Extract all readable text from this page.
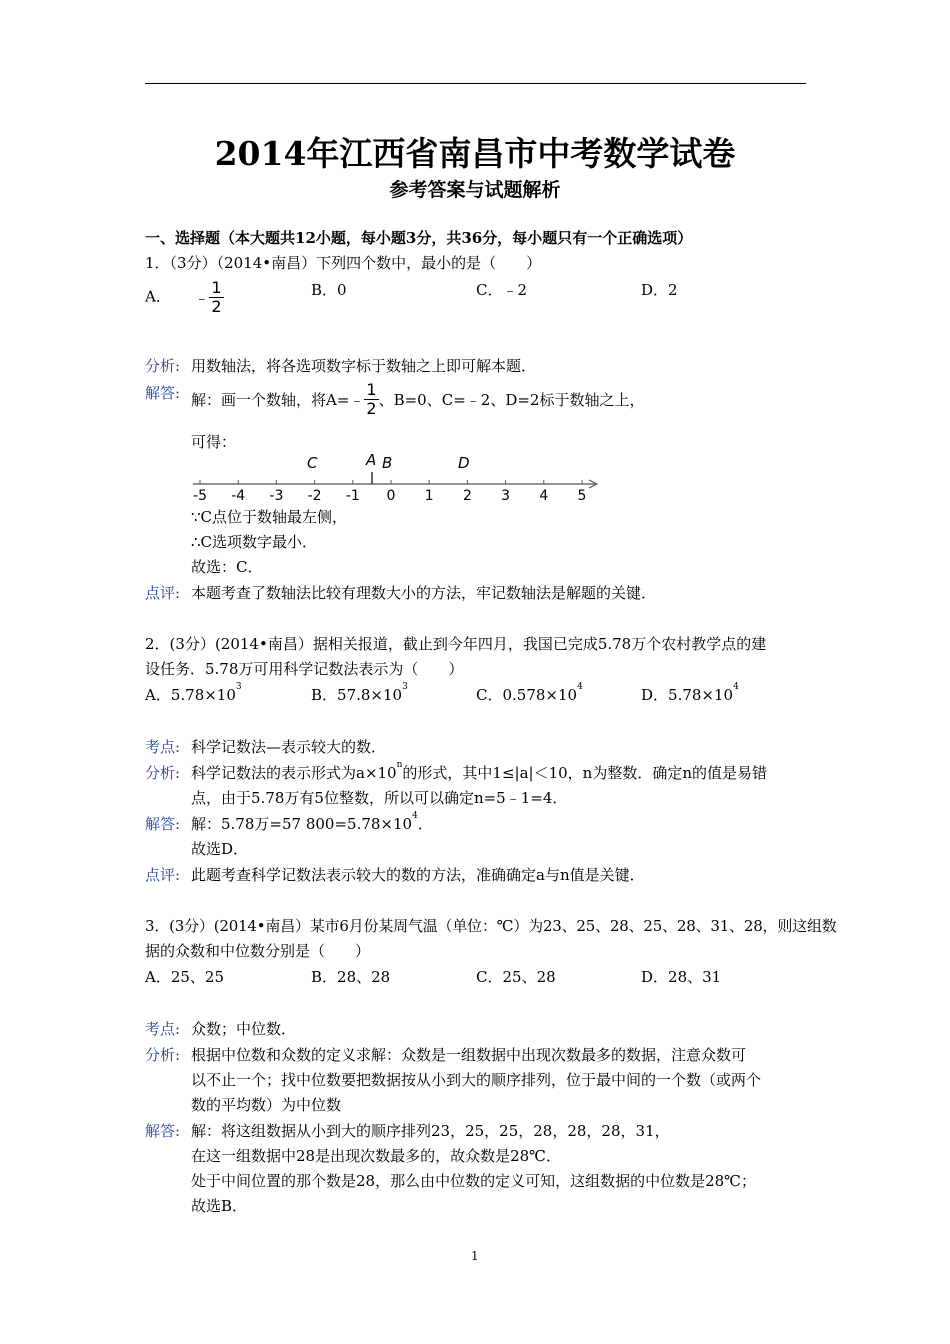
2014年江西省南昌市中考数学试卷
参考答案与试题解析
一、选择题（本大题共12小题，每小题3分，共36分，每小题只有一个正确选项）
1．（3分）（2014•南昌）下列四个数中，最小的是（　　）
A． ﹣ $\frac{1}{2}$	B．0	C．﹣2	D．2
分析: 用数轴法，将各选项数字标于数轴之上即可解本题．
解答: 解：画一个数轴，将A=﹣ $\frac{1}{2}$ 、B=0、C=﹣2、D=2标于数轴之上，
可得：
-5 -4 -3 -2 -1 0 1 2 3 4 5
C	A B	D
∵C点位于数轴最左侧，
∴C选项数字最小．
故选：C．
点评: 本题考查了数轴法比较有理数大小的方法，牢记数轴法是解题的关键．
2．(3分）(2014•南昌）据相关报道，截止到今年四月，我国已完成5.78万个农村教学点的建
设任务．5.78万可用科学记数法表示为（　　）
A．$5.78\times 10^3$	B．$57.8\times 10^3$	C．$0.578\times 10^4$	D．$5.78\times 10^4$
考点: 科学记数法—表示较大的数．
分析: 科学记数法的表示形式为$a\times 10^n$的形式，其中1≤|a|＜10，n为整数．确定n的值是易错
点，由于5.78万有5位整数，所以可以确定n=5﹣1=4．
解答: 解：5.78万=57 $800=5.78\times 10^4$．
故选D．
点评: 此题考查科学记数法表示较大的数的方法，准确确定a与n值是关键．
3．(3分）(2014•南昌）某市6月份某周气温（单位：℃）为23、25、28、25、28、31、28，则这组数
据的众数和中位数分别是（　　）
A．25、25	B．28、28	C．25、28	D．28、31
考点: 众数；中位数．
分析: 根据中位数和众数的定义求解：众数是一组数据中出现次数最多的数据，注意众数可
以不止一个；找中位数要把数据按从小到大的顺序排列，位于最中间的一个数（或两个
数的平均数）为中位数
解答: 解：将这组数据从小到大的顺序排列23，25，25，28，28，28，31，
在这一组数据中28是出现次数最多的，故众数是28℃．
处于中间位置的那个数是28，那么由中位数的定义可知，这组数据的中位数是28℃；
故选B．
1
